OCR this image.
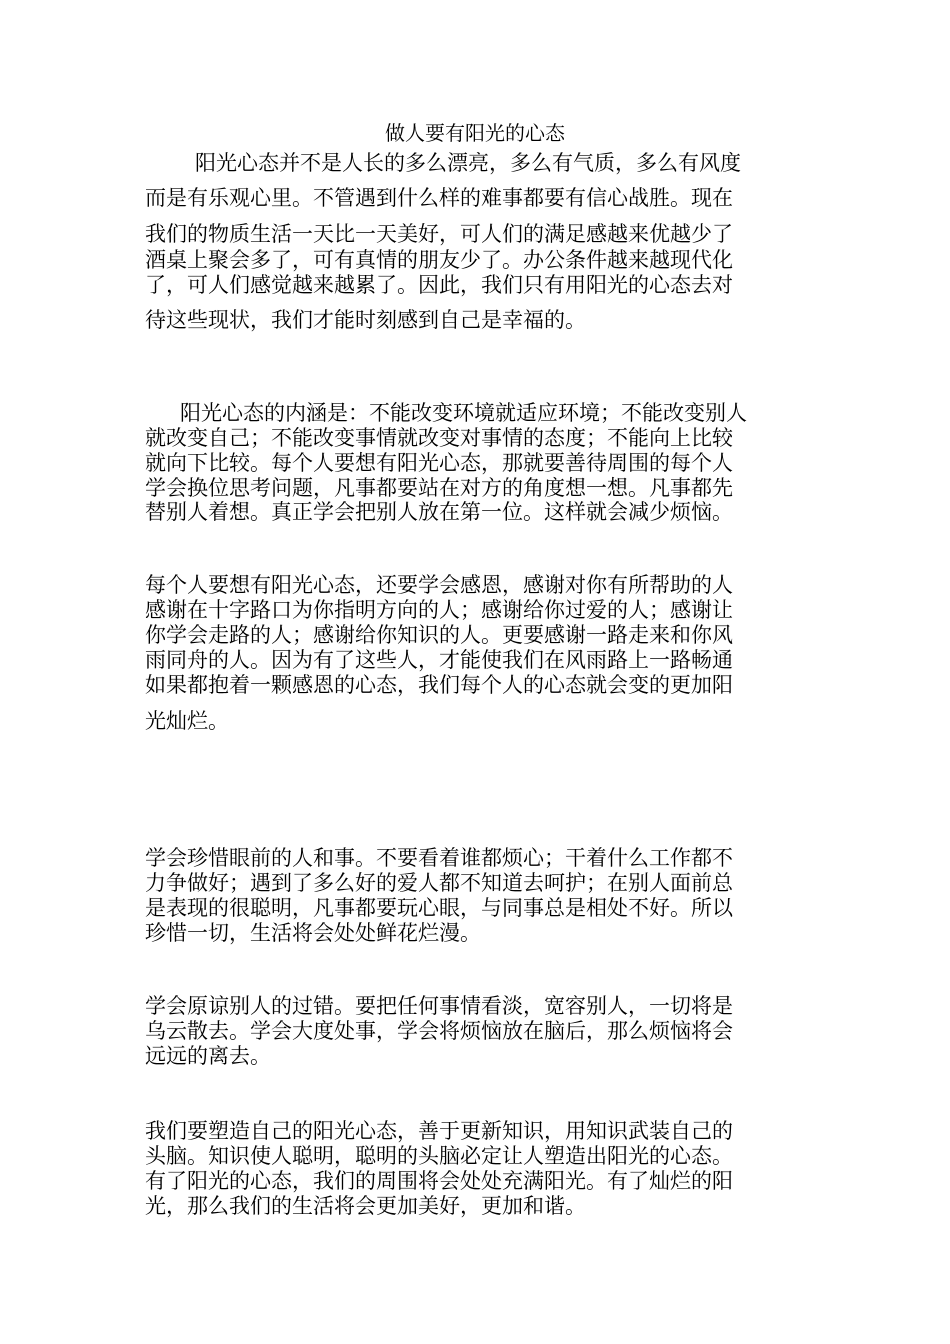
做人要有阳光的心态
阳光心态并不是人长的多么漂亮，多么有气质，多么有风度
而是有乐观心里。不管遇到什么样的难事都要有信心战胜。现在
我们的物质生活一天比一天美好，可人们的满足感越来优越少了
酒桌上聚会多了，可有真情的朋友少了。办公条件越来越现代化
了，可人们感觉越来越累了。因此，我们只有用阳光的心态去对
待这些现状，我们才能时刻感到自己是幸福的。
阳光心态的内涵是：不能改变环境就适应环境；不能改变别人
就改变自己；不能改变事情就改变对事情的态度；不能向上比较
就向下比较。每个人要想有阳光心态，那就要善待周围的每个人
学会换位思考问题，凡事都要站在对方的角度想一想。凡事都先
替别人着想。真正学会把别人放在第一位。这样就会减少烦恼。
每个人要想有阳光心态，还要学会感恩，感谢对你有所帮助的人
感谢在十字路口为你指明方向的人；感谢给你过爱的人；感谢让
你学会走路的人；感谢给你知识的人。更要感谢一路走来和你风
雨同舟的人。因为有了这些人，才能使我们在风雨路上一路畅通
如果都抱着一颗感恩的心态，我们每个人的心态就会变的更加阳
光灿烂。
学会珍惜眼前的人和事。不要看着谁都烦心；干着什么工作都不
力争做好；遇到了多么好的爱人都不知道去呵护；在别人面前总
是表现的很聪明，凡事都要玩心眼，与同事总是相处不好。所以
珍惜一切，生活将会处处鲜花烂漫。
学会原谅别人的过错。要把任何事情看淡，宽容别人，一切将是
乌云散去。学会大度处事，学会将烦恼放在脑后，那么烦恼将会
远远的离去。
我们要塑造自己的阳光心态，善于更新知识，用知识武装自己的
头脑。知识使人聪明，聪明的头脑必定让人塑造出阳光的心态。
有了阳光的心态，我们的周围将会处处充满阳光。有了灿烂的阳
光，那么我们的生活将会更加美好，更加和谐。
